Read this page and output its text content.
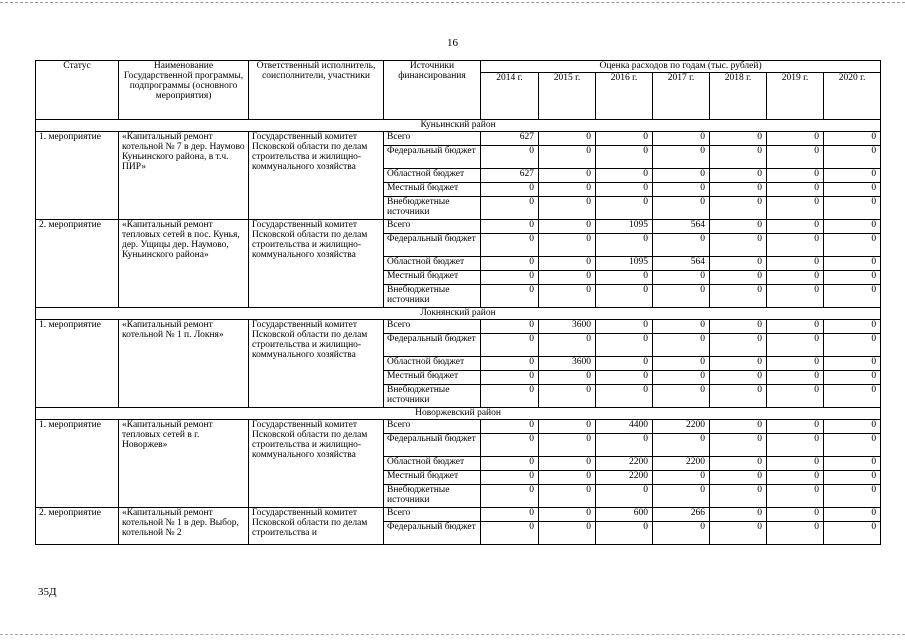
16
Статус	Наименование Государственной программы, подпрограммы (основного мероприятия)	Ответственный исполнитель, соисполнители, участники	Источники финансирования	Оценка расходов по годам (тыс. рублей)						
				2014 г.	2015 г.	2016 г.	2017 г.	2018 г.	2019 г.	2020 г.
Куньинский район										
1. мероприятие	«Капитальный ремонт котельной № 7 в дер. Наумово Куньинского района, в т.ч. ПИР»	Государственный комитет Псковской области по делам строительства и жилищно-коммунального хозяйства	Всего	627	0	0	0	0	0	0
			Федеральный бюджет	0	0	0	0	0	0	0
			Областной бюджет	627	0	0	0	0	0	0
			Местный бюджет	0	0	0	0	0	0	0
			Внебюджетные источники	0	0	0	0	0	0	0
2. мероприятие	«Капитальный ремонт тепловых сетей в пос. Кунья, дер. Ущицы дер. Наумово, Куньинского района»	Государственный комитет Псковской области по делам строительства и жилищно-коммунального хозяйства	Всего	0	0	1095	564	0	0	0
			Федеральный бюджет	0	0	0	0	0	0	0
			Областной бюджет	0	0	1095	564	0	0	0
			Местный бюджет	0	0	0	0	0	0	0
			Внебюджетные источники	0	0	0	0	0	0	0
Локнянский район										
1. мероприятие	«Капитальный ремонт котельной № 1 п. Локня»	Государственный комитет Псковской области по делам строительства и жилищно-коммунального хозяйства	Всего	0	3600	0	0	0	0	0
			Федеральный бюджет	0	0	0	0	0	0	0
			Областной бюджет	0	3600	0	0	0	0	0
			Местный бюджет	0	0	0	0	0	0	0
			Внебюджетные источники	0	0	0	0	0	0	0
Новоржевский район										
1. мероприятие	«Капитальный ремонт тепловых сетей в г. Новоржев»	Государственный комитет Псковской области по делам строительства и жилищно-коммунального хозяйства	Всего	0	0	4400	2200	0	0	0
			Федеральный бюджет	0	0	0	0	0	0	0
			Областной бюджет	0	0	2200	2200	0	0	0
			Местный бюджет	0	0	2200	0	0	0	0
			Внебюджетные источники	0	0	0	0	0	0	0
2. мероприятие	«Капитальный ремонт котельной № 1 в дер. Выбор, котельной № 2	Государственный комитет Псковской области по делам строительства и	Всего	0	0	600	266	0	0	0
			Федеральный бюджет	0	0	0	0	0	0	0
35Д
